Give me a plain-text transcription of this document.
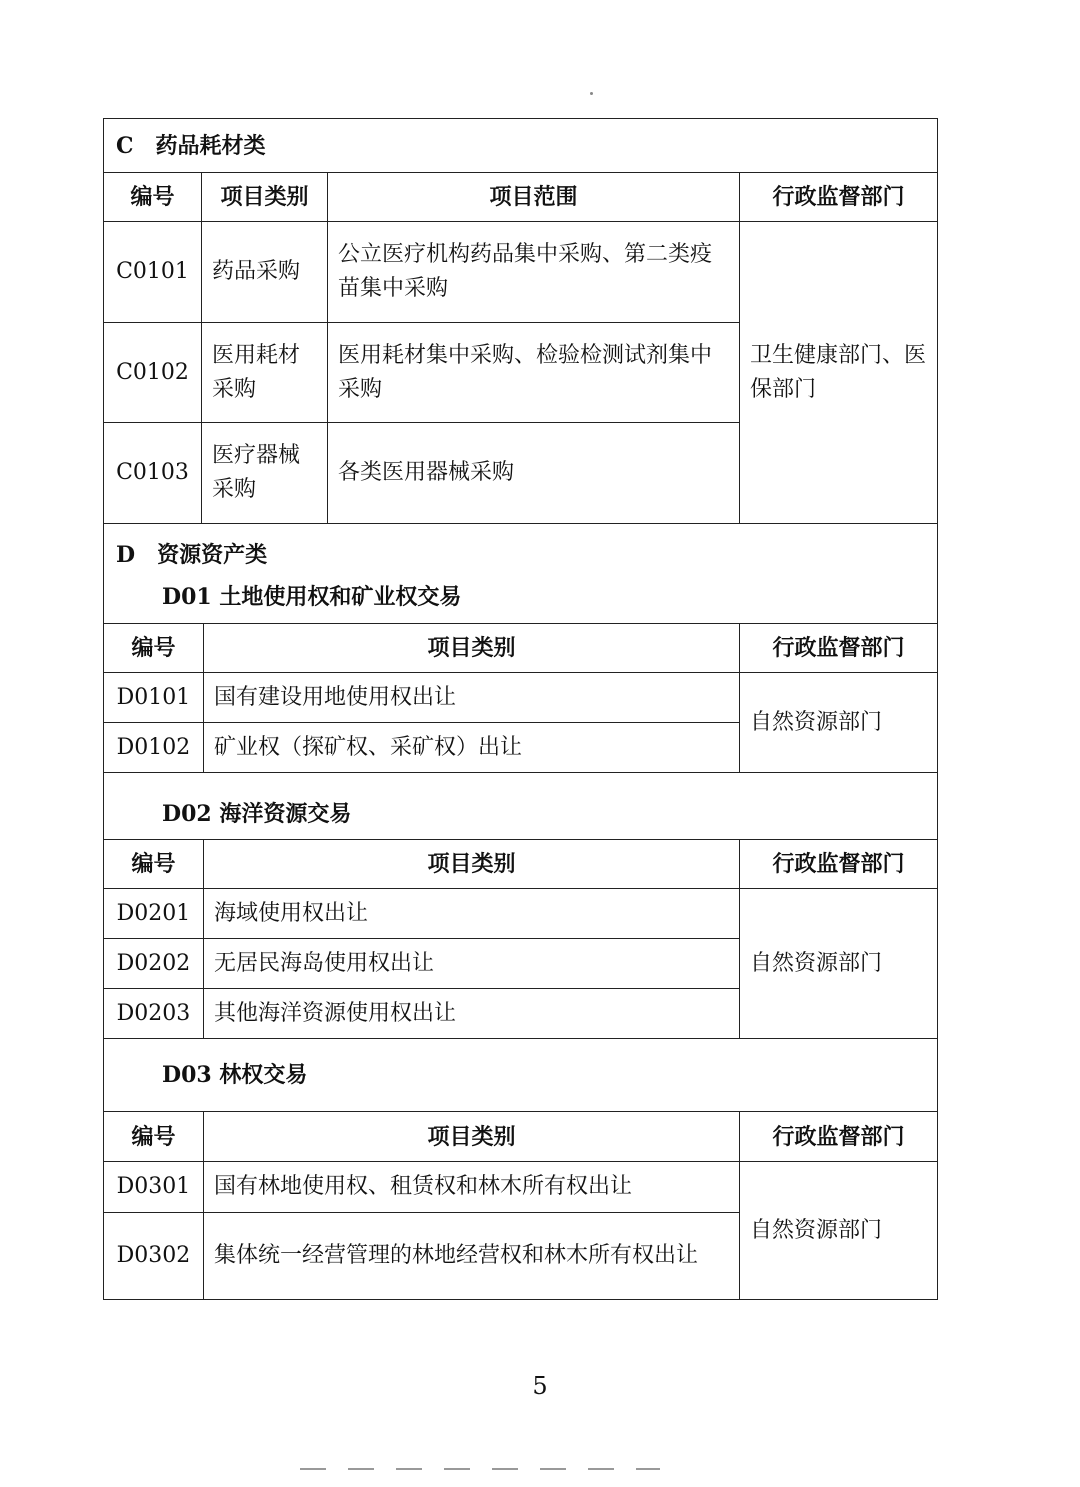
C　药品耗材类			
编号	项目类别	项目范围	行政监督部门
C0101	药品采购	公立医疗机构药品集中采购、第二类疫苗集中采购	卫生健康部门、医保部门
C0102	医用耗材采购	医用耗材集中采购、检验检测试剂集中采购	
C0103	医疗器械采购	各类医用器械采购	
D　资源资产类		
D01 土地使用权和矿业权交易		
编号	项目类别	行政监督部门
D0101	国有建设用地使用权出让	自然资源部门
D0102	矿业权（探矿权、采矿权）出让	
D02 海洋资源交易		
编号	项目类别	行政监督部门
D0201	海域使用权出让	自然资源部门
D0202	无居民海岛使用权出让	
D0203	其他海洋资源使用权出让	
D03 林权交易		
编号	项目类别	行政监督部门
D0301	国有林地使用权、租赁权和林木所有权出让	自然资源部门
D0302	集体统一经营管理的林地经营权和林木所有权出让	
5
